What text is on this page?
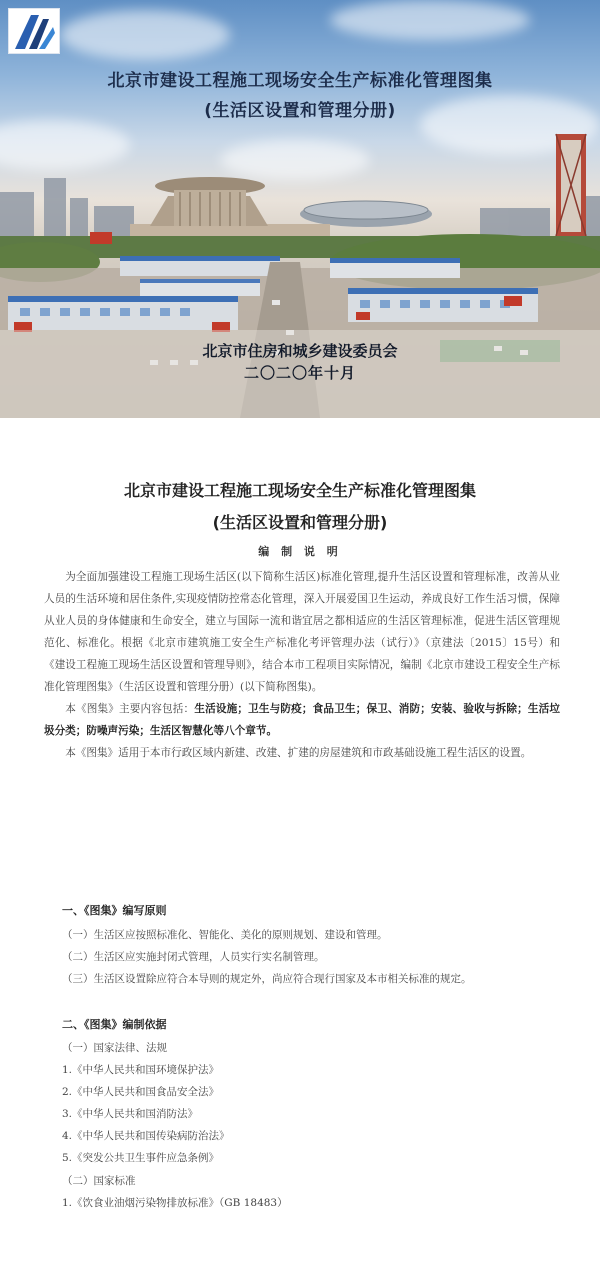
北京市建设工程施工现场安全生产标准化管理图集
(生活区设置和管理分册)
北京市住房和城乡建设委员会
二〇二〇年十月
北京市建设工程施工现场安全生产标准化管理图集
(生活区设置和管理分册)
编 制 说 明

为全面加强建设工程施工现场生活区(以下简称生活区)标准化管理,提升生活区设置和管理标准，改善从业人员的生活环境和居住条件,实现疫情防控常态化管理，深入开展爱国卫生运动，养成良好工作生活习惯，保障从业人员的身体健康和生命安全，建立与国际一流和谐宜居之都相适应的生活区管理标准，促进生活区管理规范化、标准化。根据《北京市建筑施工安全生产标准化考评管理办法（试行）》（京建法〔2015〕15号）和《建设工程施工现场生活区设置和管理导则》，结合本市工程项目实际情况，编制《北京市建设工程安全生产标准化管理图集》（生活区设置和管理分册）(以下简称图集)。

本《图集》主要内容包括：生活设施；卫生与防疫；食品卫生；保卫、消防；安装、验收与拆除；生活垃圾分类；防噪声污染；生活区智慧化等八个章节。

本《图集》适用于本市行政区域内新建、改建、扩建的房屋建筑和市政基础设施工程生活区的设置。

一、《图集》编写原则
（一）生活区应按照标准化、智能化、美化的原则规划、建设和管理。
（二）生活区应实施封闭式管理，人员实行实名制管理。
（三）生活区设置除应符合本导则的规定外，尚应符合现行国家及本市相关标准的规定。
二、《图集》编制依据
（一）国家法律、法规
1.《中华人民共和国环境保护法》
2.《中华人民共和国食品安全法》
3.《中华人民共和国消防法》
4.《中华人民共和国传染病防治法》
5.《突发公共卫生事件应急条例》
（二）国家标准
1.《饮食业油烟污染物排放标准》（GB 18483）
